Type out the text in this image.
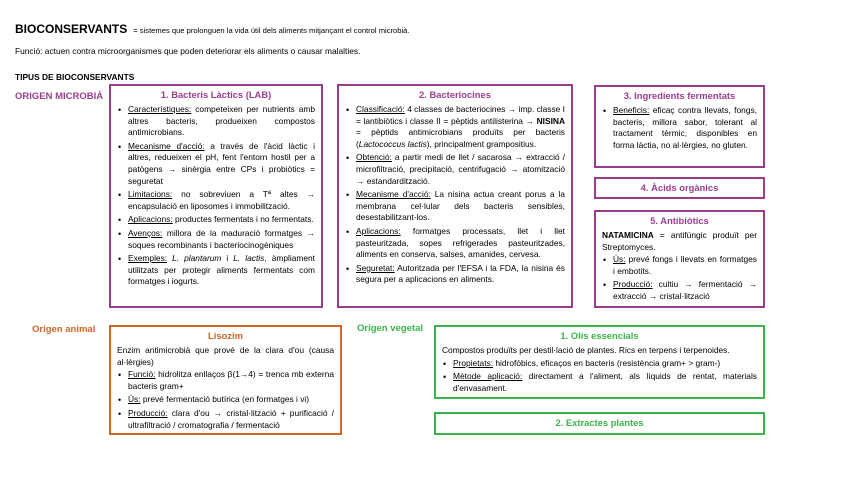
BIOCONSERVANTS = sistemes que prolonguen la vida útil dels aliments mitjançant el control microbià.
Funció: actuen contra microorganismes que poden deteriorar els aliments o causar malalties.
TIPUS DE BIOCONSERVANTS
ORIGEN MICROBIÀ
Origen animal	Origen vegetal
1. Bacteris Làctics (LAB)
• Característiques: competeixen per nutrients amb altres bacteris, produeixen compostos antimicrobians.
• Mecanisme d'acció: a través de l'àcid làctic i altres, redueixen el pH, fent l'entorn hostil per a patògens → sinèrgia entre CPs i probiòtics = seguretat
• Limitacions: no sobreviuen a Tª altes → encapsulació en liposomes i immobilització.
• Aplicacions: productes fermentats i no fermentats.
• Avenços: millora de la maduració formatges → soques recombinants i bacteriocinogèniques
• Exemples: L. plantarum i L. lactis, àmpliament utilitzats per protegir aliments fermentats com formatges i iogurts.
2. Bacteriocines
• Classificació: 4 classes de bacteriocines → imp. classe I = lantibiòtics i classe II = pèptids antilisterina → NISINA = pèptids antimicrobians produïts per bacteris (Lactococcus lactis), principalment grampositius.
• Obtenció: a partir medi de llet / sacarosa → extracció / microfiltració, precipitació, centrifugació → atomització → estandardització.
• Mecanisme d'acció: La nisina actua creant porus a la membrana cel·lular dels bacteris sensibles, desestabilitzant-los.
• Aplicacions: formatges processats, llet i llet pasteuritzada, sopes refrigerades pasteuritzades, aliments en conserva, salses, amanides, cervesa.
• Seguretat: Autoritzada per l'EFSA i la FDA, la nisina és segura per a aplicacions en aliments.
3. Ingredients fermentats
• Beneficis: eficaç contra llevats, fongs, bacteris, millora sabor, tolerant al tractament tèrmic, disponibles en forma làctia, no al·lèrgies, no gluten.
4. Àcids orgànics
5. Antibiòtics
NATAMICINA = antifúngic produït per Streptomyces.
• Ús: prevé fongs i llevats en formatges i embotits.
• Producció: cultiu → fermentació → extracció → cristal·lització
Lisozim
Enzim antimicrobià que prové de la clara d'ou (causa al·lèrgies)
• Funció: hidrolitza enllaços β(1→4) = trenca mb externa bacteris gram+
• Ús: prevé fermentació butírica (en formatges i vi)
• Producció: clara d'ou → cristal·lització + purificació / ultrafiltració / cromatografia / fermentació
1. Olis essencials
Compostos produïts per destil·lació de plantes. Rics en terpens i terpenoides.
• Propietats: hidrofòbics, eficaços en bacteris (resistència gram+ > gram-)
• Mètode aplicació: directament a l'aliment, als líquids de rentat, materials d'envasament.
2. Extractes plantes
